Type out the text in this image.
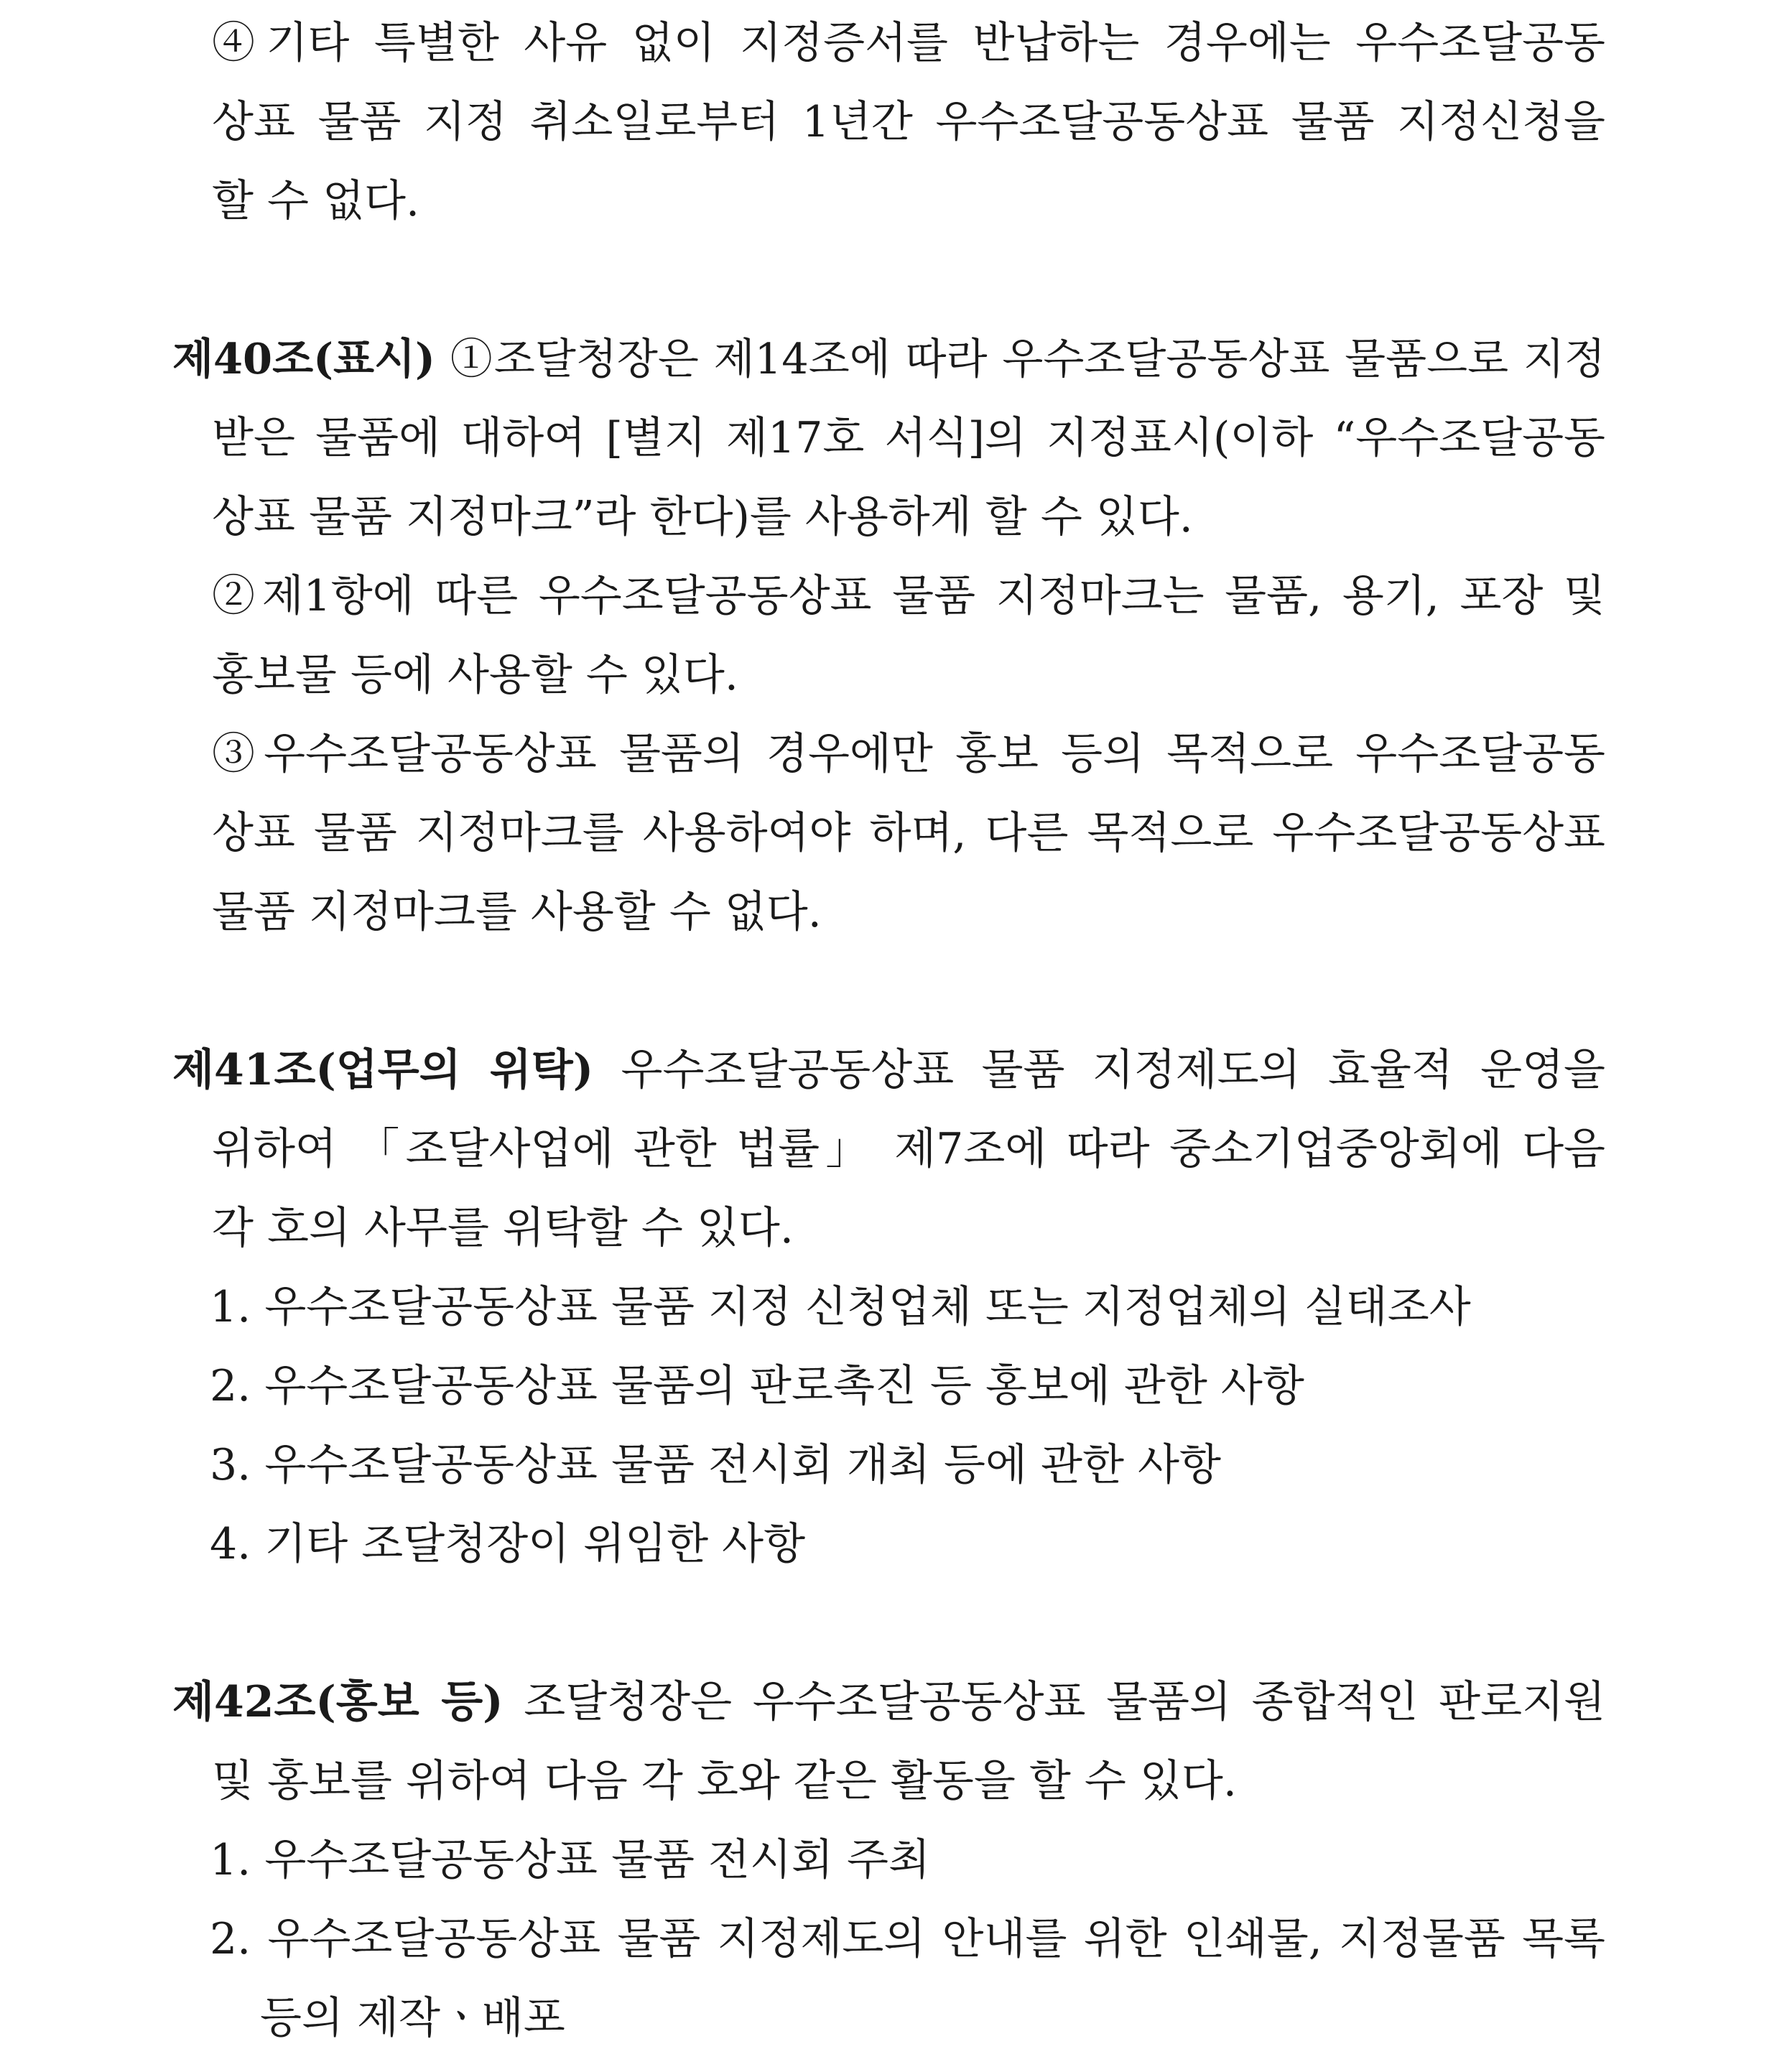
④기타 특별한 사유 없이 지정증서를 반납하는 경우에는 우수조달공동
상표 물품 지정 취소일로부터 1년간 우수조달공동상표 물품 지정신청을
할 수 없다.
제40조(표시) ①조달청장은 제14조에 따라 우수조달공동상표 물품으로 지정
받은 물품에 대하여 [별지 제17호 서식]의 지정표시(이하 “우수조달공동
상표 물품 지정마크”라 한다)를 사용하게 할 수 있다.
②제1항에 따른 우수조달공동상표 물품 지정마크는 물품, 용기, 포장 및
홍보물 등에 사용할 수 있다.
③우수조달공동상표 물품의 경우에만 홍보 등의 목적으로 우수조달공동
상표 물품 지정마크를 사용하여야 하며, 다른 목적으로 우수조달공동상표
물품 지정마크를 사용할 수 없다.
제41조(업무의 위탁) 우수조달공동상표 물품 지정제도의 효율적 운영을
위하여 「조달사업에 관한 법률」 제7조에 따라 중소기업중앙회에 다음
각 호의 사무를 위탁할 수 있다.
1. 우수조달공동상표 물품 지정 신청업체 또는 지정업체의 실태조사
2. 우수조달공동상표 물품의 판로촉진 등 홍보에 관한 사항
3. 우수조달공동상표 물품 전시회 개최 등에 관한 사항
4. 기타 조달청장이 위임한 사항
제42조(홍보 등) 조달청장은 우수조달공동상표 물품의 종합적인 판로지원
및 홍보를 위하여 다음 각 호와 같은 활동을 할 수 있다.
1. 우수조달공동상표 물품 전시회 주최
2. 우수조달공동상표 물품 지정제도의 안내를 위한 인쇄물, 지정물품 목록
등의 제작ㆍ배포
